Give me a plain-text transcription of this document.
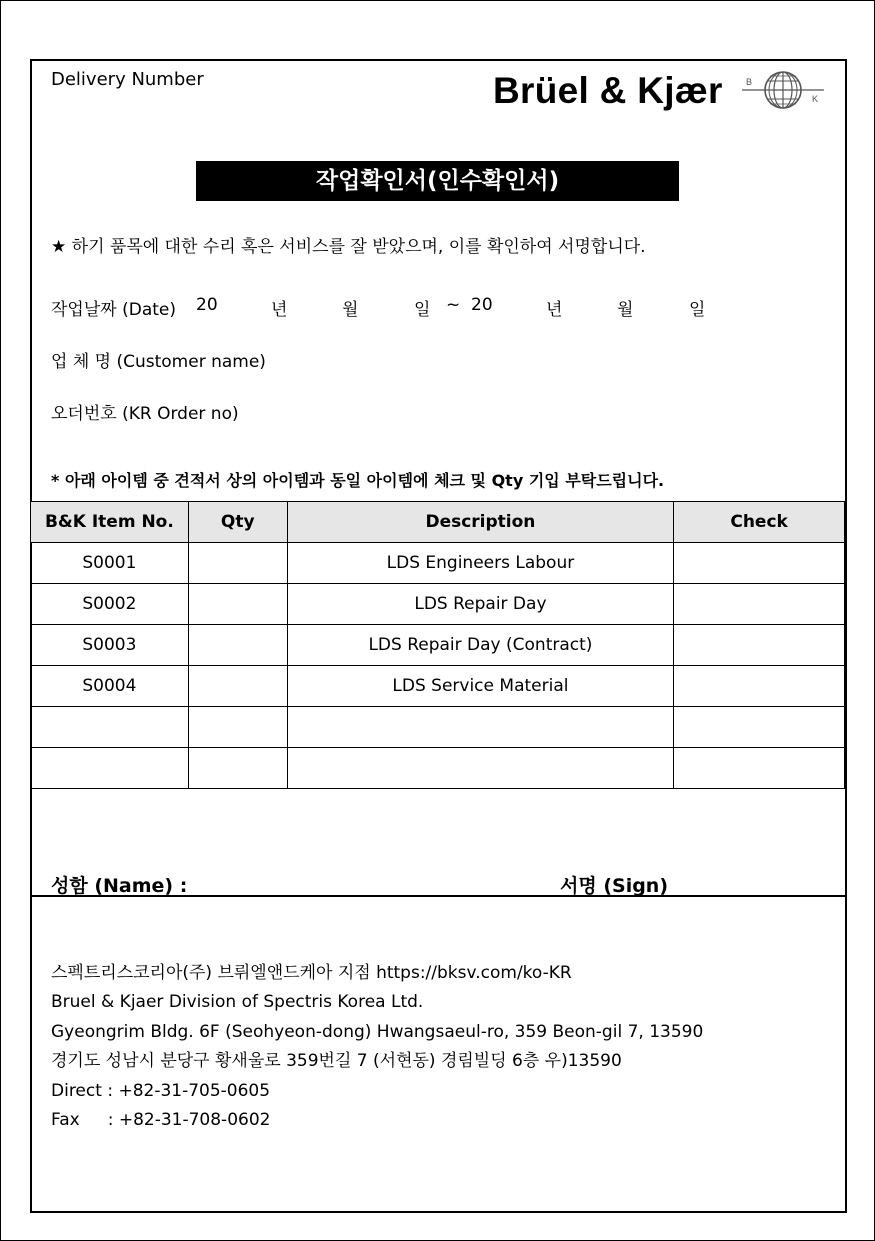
Delivery Number	Brüel & Kjær	B
K
작업확인서(인수확인서)
★ 하기 품목에 대한 수리 혹은 서비스를 잘 받았으며, 이를 확인하여 서명합니다.
작업날짜 (Date) 20	년	월	일 ~ 20	년	월	일
업 체 명 (Customer name)
오더번호 (KR Order no)
* 아래 아이템 중 견적서 상의 아이템과 동일 아이템에 체크 및 Qty 기입 부탁드립니다.
B&K Item No.	Qty	Description	Check
S0001		LDS Engineers Labour	
S0002		LDS Repair Day	
S0003		LDS Repair Day (Contract)	
S0004		LDS Service Material	

성함 (Name) :	서명 (Sign)
스펙트리스코리아(주) 브뤼엘앤드케아 지점 https://bksv.com/ko-KR
Bruel & Kjaer Division of Spectris Korea Ltd.
Gyeongrim Bldg. 6F (Seohyeon-dong) Hwangsaeul-ro, 359 Beon-gil 7, 13590
경기도 성남시 분당구 황새울로 359번길 7 (서현동) 경림빌딩 6층 우)13590
Direct : +82-31-705-0605
Fax : +82-31-708-0602
